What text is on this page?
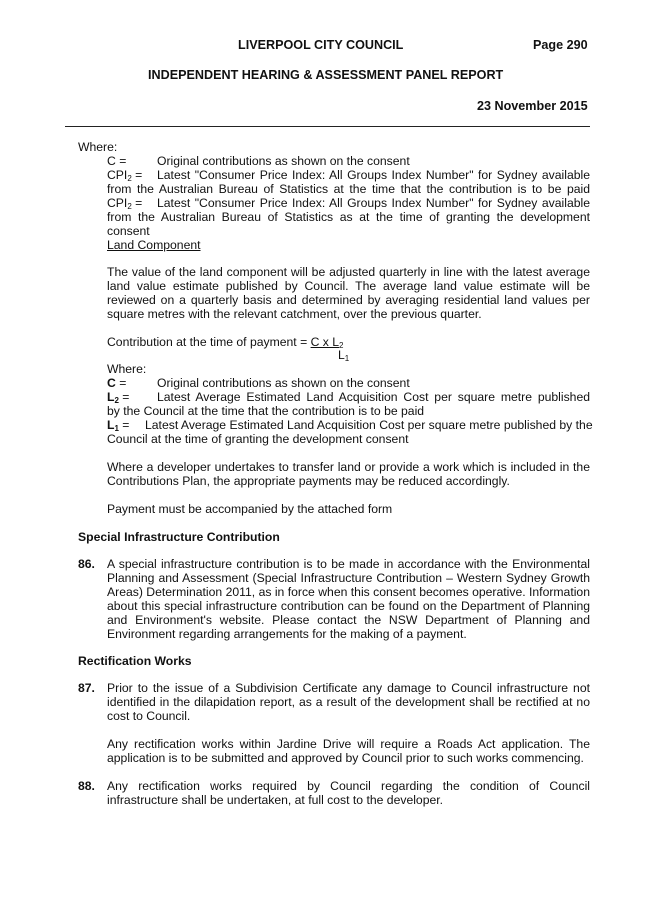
LIVERPOOL CITY COUNCIL	Page 290
INDEPENDENT HEARING & ASSESSMENT PANEL REPORT
23 November 2015
Where:
C =	Original contributions as shown on the consent
$CPI_2$ = Latest "Consumer Price Index: All Groups Index Number" for Sydney available
from the Australian Bureau of Statistics at the time that the contribution is to be paid
$CPI_2$ = Latest "Consumer Price Index: All Groups Index Number" for Sydney available
from the Australian Bureau of Statistics as at the time of granting the development consent
Land Component
The value of the land component will be adjusted quarterly in line with the latest average
land value estimate published by Council. The average land value estimate will be
reviewed on a quarterly basis and determined by averaging residential land values per
square metres with the relevant catchment, over the previous quarter.
Contribution at the time of payment = C x $L_2$
$L_1$
Where:
C =	Original contributions as shown on the consent
$L_2$ = Latest Average Estimated Land Acquisition Cost per square metre published
by the Council at the time that the contribution is to be paid
$L_1$ = Latest Average Estimated Land Acquisition Cost per square metre published by the
Council at the time of granting the development consent
Where a developer undertakes to transfer land or provide a work which is included in the
Contributions Plan, the appropriate payments may be reduced accordingly.
Payment must be accompanied by the attached form
Special Infrastructure Contribution
86. A special infrastructure contribution is to be made in accordance with the Environmental
Planning and Assessment (Special Infrastructure Contribution – Western Sydney Growth
Areas) Determination 2011, as in force when this consent becomes operative. Information
about this special infrastructure contribution can be found on the Department of Planning
and Environment's website. Please contact the NSW Department of Planning and
Environment regarding arrangements for the making of a payment.
Rectification Works
87. Prior to the issue of a Subdivision Certificate any damage to Council infrastructure not
identified in the dilapidation report, as a result of the development shall be rectified at no
cost to Council.
Any rectification works within Jardine Drive will require a Roads Act application. The
application is to be submitted and approved by Council prior to such works commencing.
88. Any rectification works required by Council regarding the condition of Council
infrastructure shall be undertaken, at full cost to the developer.
